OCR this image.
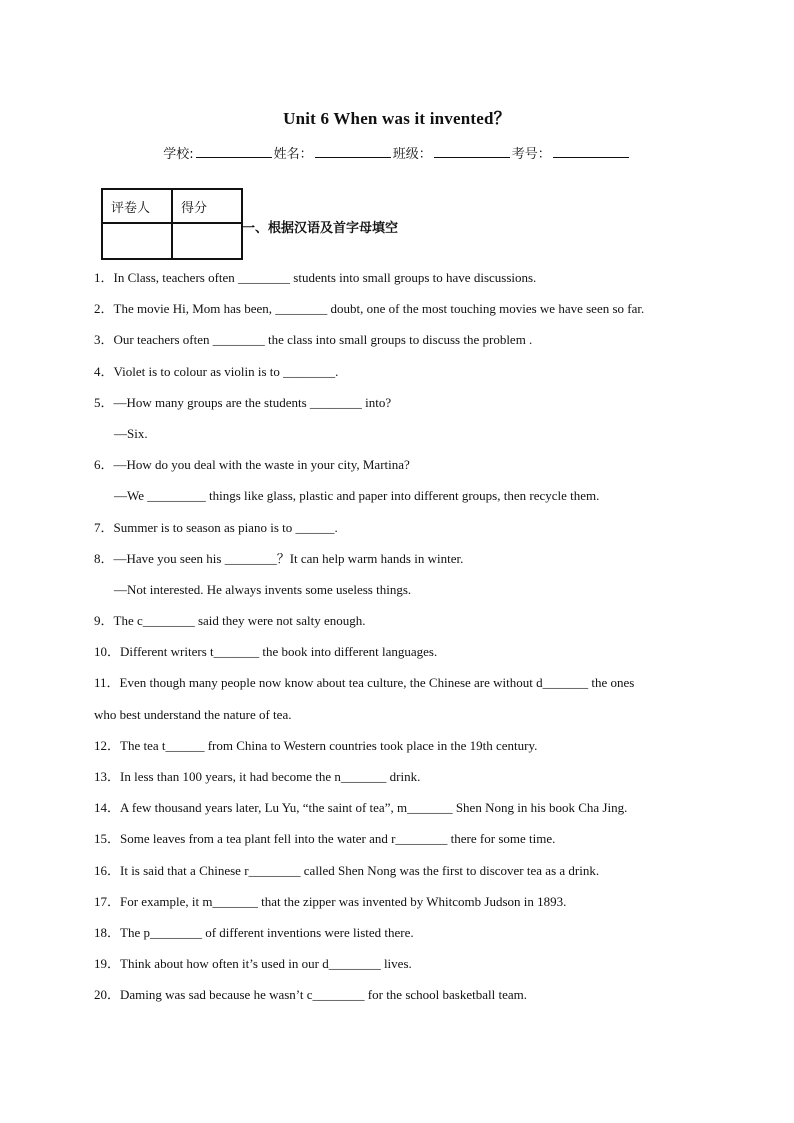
Unit 6 When was it invented？
学校:	姓名：	班级：	考号：
评卷人	得分

一、根据汉语及首字母填空
1．In Class, teachers often ________ students into small groups to have discussions.
2．The movie Hi, Mom has been, ________ doubt, one of the most touching movies we have seen so far.
3．Our teachers often ________ the class into small groups to discuss the problem .
4．Violet is to colour as violin is to ________.
5．—How many groups are the students ________ into?
—Six.
6．—How do you deal with the waste in your city, Martina?
—We _________ things like glass, plastic and paper into different groups, then recycle them.
7．Summer is to season as piano is to ______.
8．—Have you seen his ________？It can help warm hands in winter.
—Not interested. He always invents some useless things.
9．The c________ said they were not salty enough.
10．Different writers t_______ the book into different languages.
11．Even though many people now know about tea culture, the Chinese are without d_______ the ones
who best understand the nature of tea.
12．The tea t______ from China to Western countries took place in the 19th century.
13．In less than 100 years, it had become the n_______ drink.
14．A few thousand years later, Lu Yu, “the saint of tea”, m_______ Shen Nong in his book Cha Jing.
15．Some leaves from a tea plant fell into the water and r________ there for some time.
16．It is said that a Chinese r________ called Shen Nong was the first to discover tea as a drink.
17．For example, it m_______ that the zipper was invented by Whitcomb Judson in 1893.
18．The p________ of different inventions were listed there.
19．Think about how often it’s used in our d________ lives.
20．Daming was sad because he wasn’t c________ for the school basketball team.
